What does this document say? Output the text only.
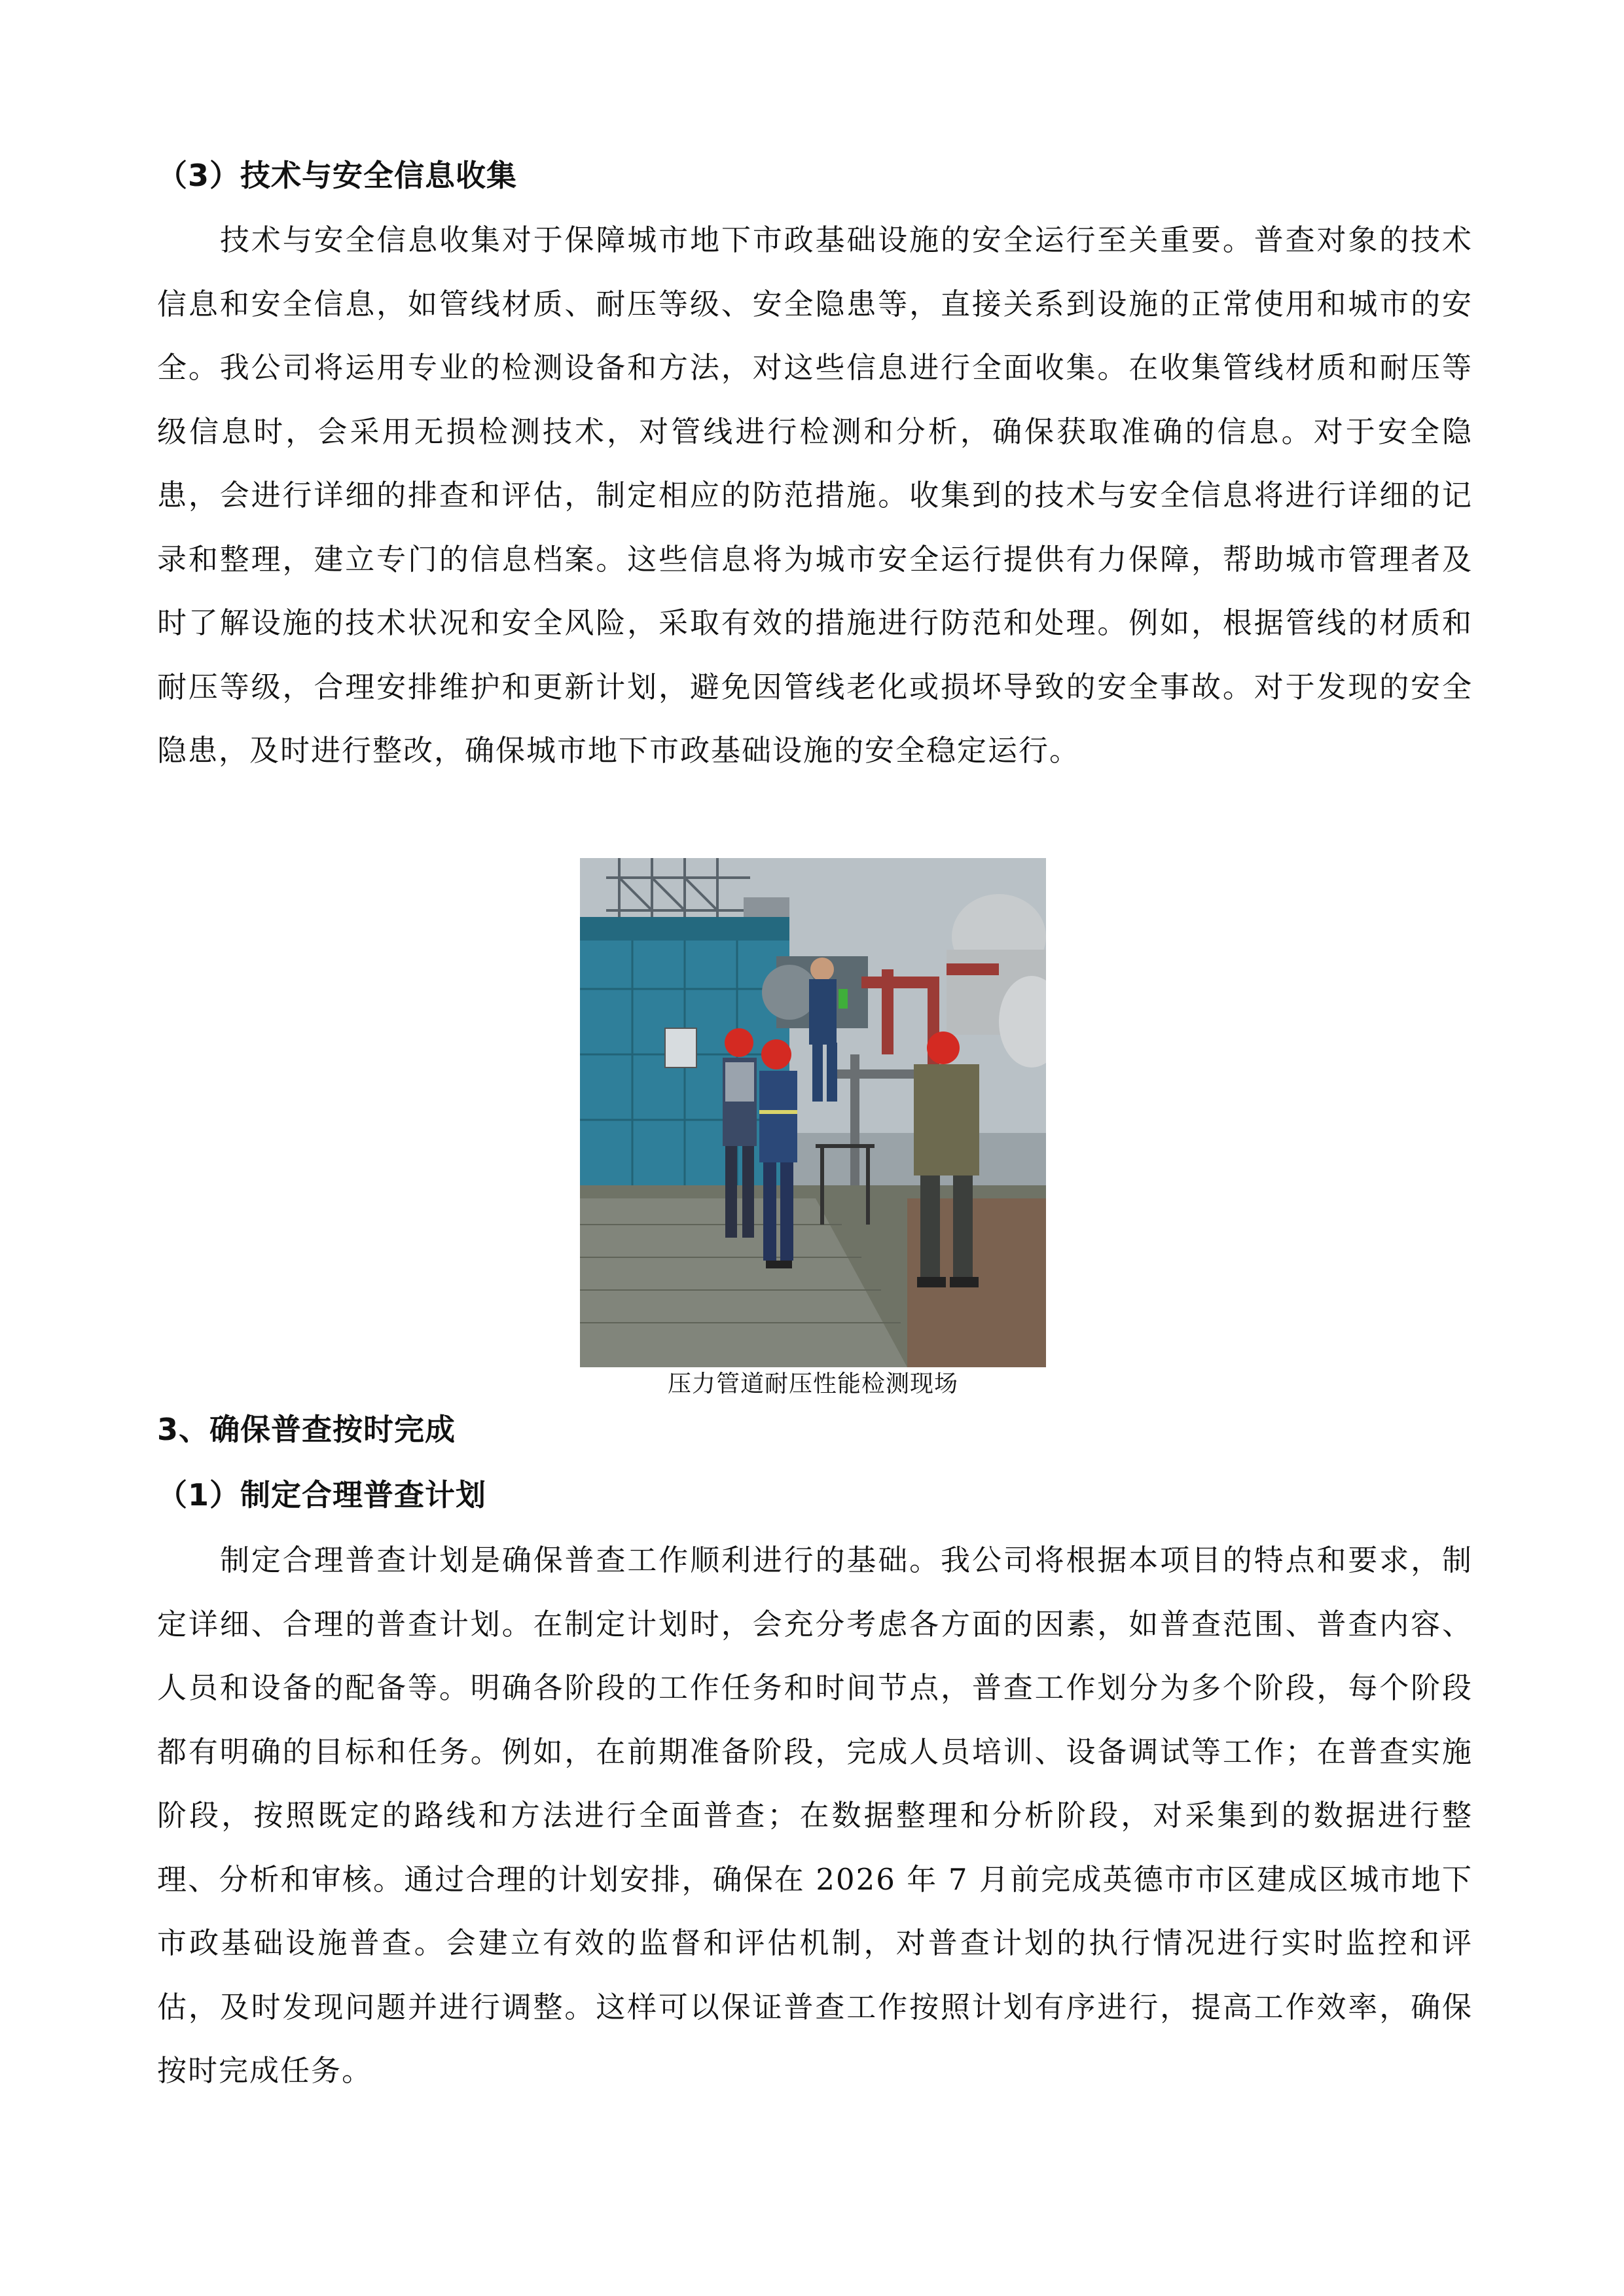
（3）技术与安全信息收集

技术与安全信息收集对于保障城市地下市政基础设施的安全运行至关重要。普查对象的技术信息和安全信息，如管线材质、耐压等级、安全隐患等，直接关系到设施的正常使用和城市的安全。我公司将运用专业的检测设备和方法，对这些信息进行全面收集。在收集管线材质和耐压等级信息时，会采用无损检测技术，对管线进行检测和分析，确保获取准确的信息。对于安全隐患，会进行详细的排查和评估，制定相应的防范措施。收集到的技术与安全信息将进行详细的记录和整理，建立专门的信息档案。这些信息将为城市安全运行提供有力保障，帮助城市管理者及时了解设施的技术状况和安全风险，采取有效的措施进行防范和处理。例如，根据管线的材质和耐压等级，合理安排维护和更新计划，避免因管线老化或损坏导致的安全事故。对于发现的安全隐患，及时进行整改，确保城市地下市政基础设施的安全稳定运行。

压力管道耐压性能检测现场
3、确保普查按时完成
（1）制定合理普查计划

制定合理普查计划是确保普查工作顺利进行的基础。我公司将根据本项目的特点和要求，制定详细、合理的普查计划。在制定计划时，会充分考虑各方面的因素，如普查范围、普查内容、人员和设备的配备等。明确各阶段的工作任务和时间节点，普查工作划分为多个阶段，每个阶段都有明确的目标和任务。例如，在前期准备阶段，完成人员培训、设备调试等工作；在普查实施阶段，按照既定的路线和方法进行全面普查；在数据整理和分析阶段，对采集到的数据进行整理、分析和审核。通过合理的计划安排，确保在 2026 年 7 月前完成英德市市区建成区城市地下市政基础设施普查。会建立有效的监督和评估机制，对普查计划的执行情况进行实时监控和评估，及时发现问题并进行调整。这样可以保证普查工作按照计划有序进行，提高工作效率，确保按时完成任务。
